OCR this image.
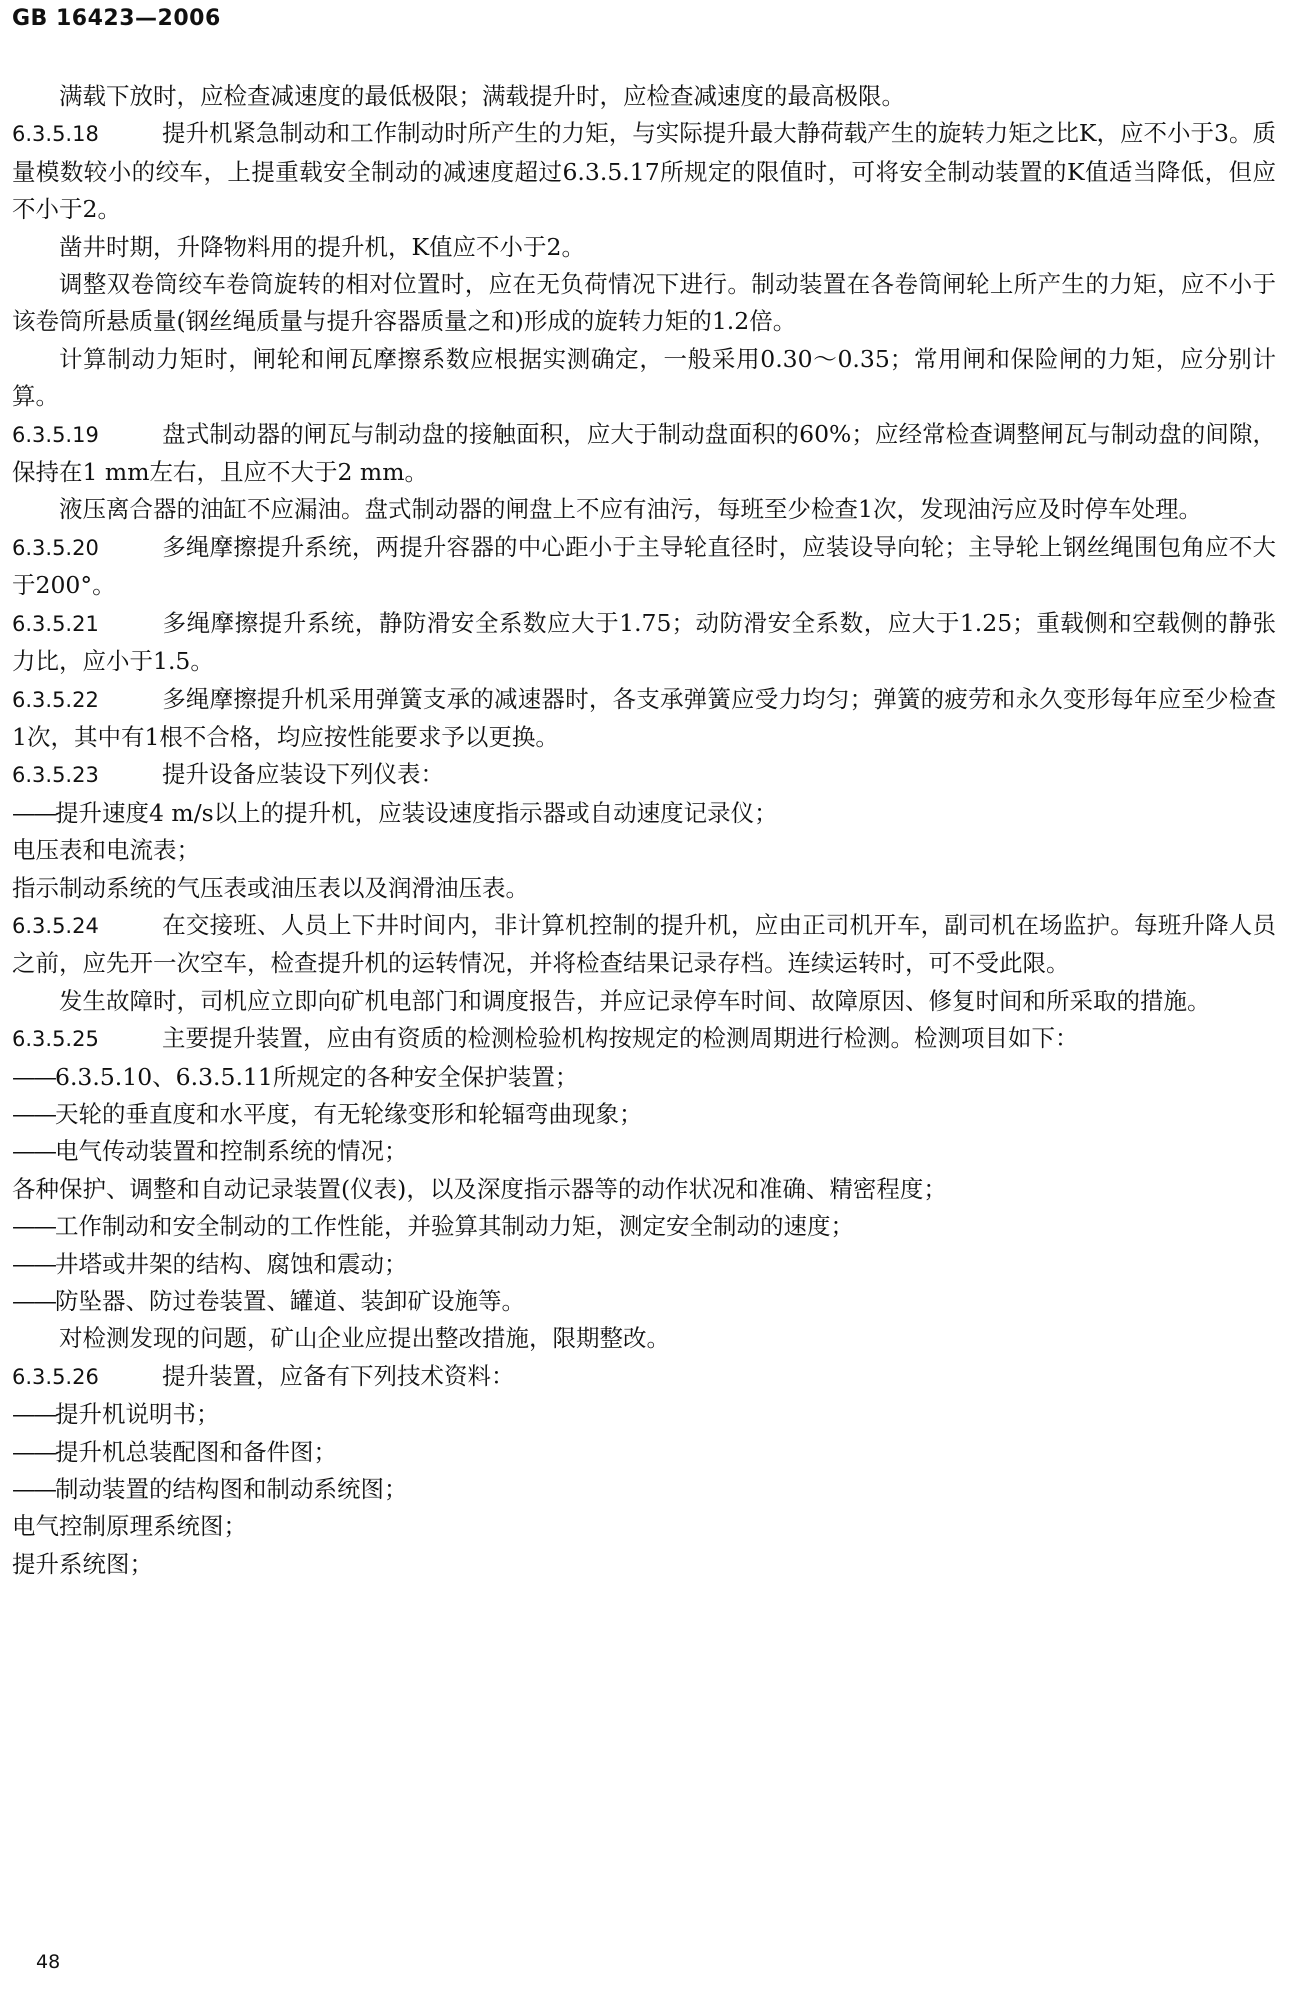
GB 16423—2006

满载下放时，应检查减速度的最低极限；满载提升时，应检查减速度的最高极限。

6.3.5.18	提升机紧急制动和工作制动时所产生的力矩，与实际提升最大静荷载产生的旋转力矩之比K，应不小于3。质量模数较小的绞车，上提重载安全制动的减速度超过6.3.5.17所规定的限值时，可将安全制动装置的K值适当降低，但应不小于2。

凿井时期，升降物料用的提升机，K值应不小于2。

调整双卷筒绞车卷筒旋转的相对位置时，应在无负荷情况下进行。制动装置在各卷筒闸轮上所产生的力矩，应不小于该卷筒所悬质量(钢丝绳质量与提升容器质量之和)形成的旋转力矩的1.2倍。

计算制动力矩时，闸轮和闸瓦摩擦系数应根据实测确定，一般采用0.30～0.35；常用闸和保险闸的力矩，应分别计算。

6.3.5.19	盘式制动器的闸瓦与制动盘的接触面积，应大于制动盘面积的60%；应经常检查调整闸瓦与制动盘的间隙，保持在1 mm左右，且应不大于2 mm。

液压离合器的油缸不应漏油。盘式制动器的闸盘上不应有油污，每班至少检查1次，发现油污应及时停车处理。

6.3.5.20	多绳摩擦提升系统，两提升容器的中心距小于主导轮直径时，应装设导向轮；主导轮上钢丝绳围包角应不大于200°。

6.3.5.21	多绳摩擦提升系统，静防滑安全系数应大于1.75；动防滑安全系数，应大于1.25；重载侧和空载侧的静张力比，应小于1.5。

6.3.5.22	多绳摩擦提升机采用弹簧支承的减速器时，各支承弹簧应受力均匀；弹簧的疲劳和永久变形每年应至少检查1次，其中有1根不合格，均应按性能要求予以更换。

6.3.5.23	提升设备应装设下列仪表：

——提升速度4 m/s以上的提升机，应装设速度指示器或自动速度记录仪；

电压表和电流表；

指示制动系统的气压表或油压表以及润滑油压表。

6.3.5.24	在交接班、人员上下井时间内，非计算机控制的提升机，应由正司机开车，副司机在场监护。每班升降人员之前，应先开一次空车，检查提升机的运转情况，并将检查结果记录存档。连续运转时，可不受此限。

发生故障时，司机应立即向矿机电部门和调度报告，并应记录停车时间、故障原因、修复时间和所采取的措施。

6.3.5.25	主要提升装置，应由有资质的检测检验机构按规定的检测周期进行检测。检测项目如下：

——6.3.5.10、6.3.5.11所规定的各种安全保护装置；

——天轮的垂直度和水平度，有无轮缘变形和轮辐弯曲现象；

——电气传动装置和控制系统的情况；

各种保护、调整和自动记录装置(仪表)，以及深度指示器等的动作状况和准确、精密程度；

——工作制动和安全制动的工作性能，并验算其制动力矩，测定安全制动的速度；

——井塔或井架的结构、腐蚀和震动；

——防坠器、防过卷装置、罐道、装卸矿设施等。

对检测发现的问题，矿山企业应提出整改措施，限期整改。

6.3.5.26	提升装置，应备有下列技术资料：

——提升机说明书；

——提升机总装配图和备件图；

——制动装置的结构图和制动系统图；

电气控制原理系统图；

提升系统图；

48
